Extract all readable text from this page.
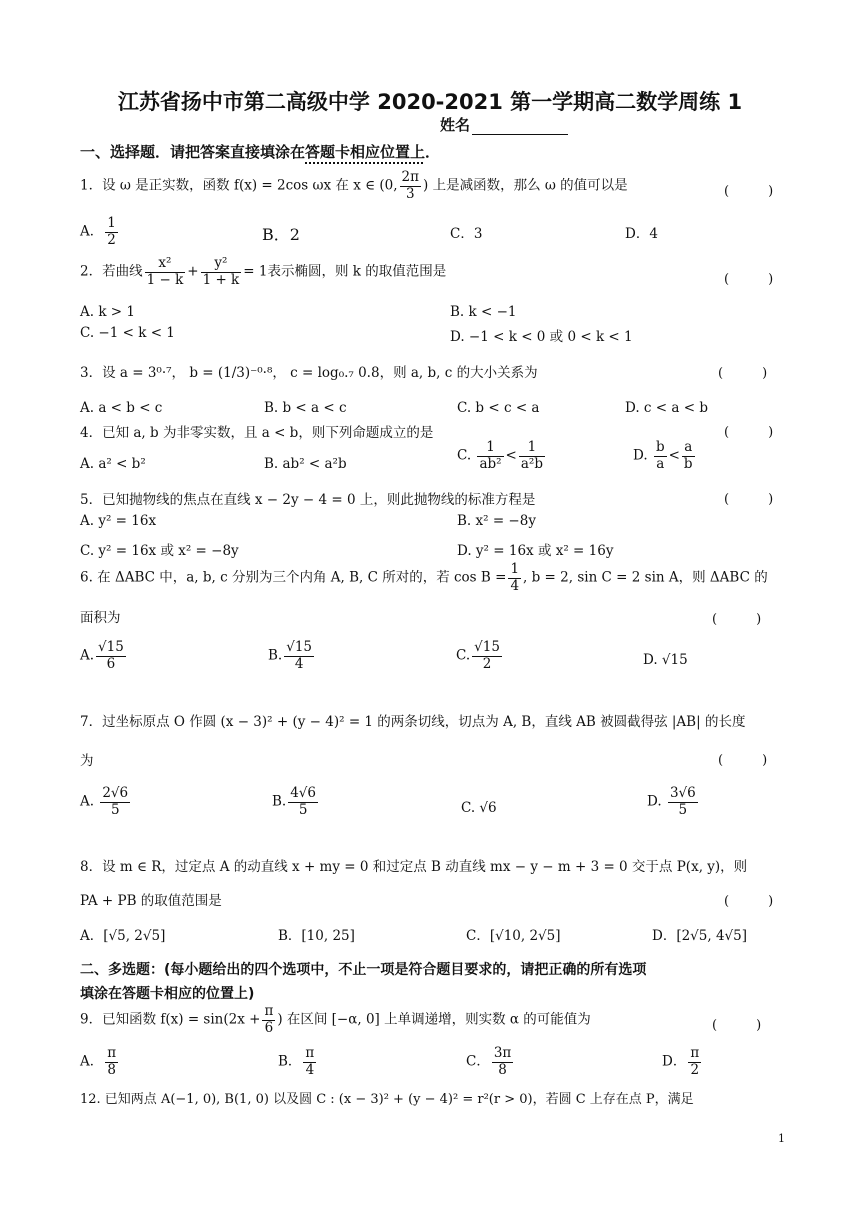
江苏省扬中市第二高级中学 2020-2021 第一学期高二数学周练 1
姓名
一、选择题．请把答案直接填涂在答题卡相应位置上．
1．设 ω 是正实数，函数 f(x) = 2cos ωx 在 x ∈ (0, $\frac{2\pi}{3}$ ) 上是减函数，那么 ω 的值可以是	(　　　)
A． $\frac{1}{2}$	B．2	C．3	D．4
2．若曲线 $\frac{\text{x²}}{1 - k} + \frac{\text{y²}}{1 + k} = 1$表示椭圆，则 k 的取值范围是	(　　　)
A. k > 1	B. k < −1
C. −1 < k < 1	D. −1 < k < 0 或 0 < k < 1
3．设 a = 3⁰·⁷， b = (1/3)⁻⁰·⁸， c = log₀.₇ 0.8，则 a, b, c 的大小关系为	(　　　)
A. a < b < c	B. b < a < c	C. b < c < a	D. c < a < b
4．已知 a, b 为非零实数，且 a < b，则下列命题成立的是	(　　　)
A. a² < b²	B. ab² < a²b
C. $\frac{1}{\text{ab²}} < \frac{1}{\text{a²b}}$	D. $\frac{b}{a} < \frac{a}{b}$
5．已知抛物线的焦点在直线 x − 2y − 4 = 0 上，则此抛物线的标准方程是	(　　　)
A. y² = 16x	B. x² = −8y
C. y² = 16x 或 x² = −8y	D. y² = 16x 或 x² = 16y
6. 在 ΔABC 中，a, b, c 分别为三个内角 A, B, C 所对的，若 $\cos B = \frac{1}{4}$ , b = 2, sin C = 2 sin A，则 ΔABC 的
面积为	(　　　)
A. $\frac{√15}{6}$	B. $\frac{√15}{4}$	C. $\frac{√15}{2}$	D. √15
7．过坐标原点 O 作圆 (x − 3)² + (y − 4)² = 1 的两条切线，切点为 A, B，直线 AB 被圆截得弦 |AB| 的长度
为	(　　　)
A. $\frac{2√6}{5}$	B. $\frac{4√6}{5}$	C. √6	D. $\frac{3√6}{5}$
8．设 m ∈ R，过定点 A 的动直线 x + my = 0 和过定点 B 动直线 mx − y − m + 3 = 0 交于点 P(x, y)，则
PA + PB 的取值范围是	(　　　)
A．[√5, 2√5]	B．[10, 25]	C．[√10, 2√5]	D．[2√5, 4√5]
二、多选题：(每小题给出的四个选项中，不止一项是符合题目要求的，请把正确的所有选项
填涂在答题卡相应的位置上)
9．已知函数 $f(x) = \sin(2x + \frac{\pi}{6}$ ) 在区间 [−α, 0] 上单调递增，则实数 α 的可能值为	(　　　)
A． $\frac{\pi}{8}$	B． $\frac{\pi}{4}$	C． $\frac{3\pi}{8}$	D． $\frac{\pi}{2}$
12. 已知两点 A(−1, 0), B(1, 0) 以及圆 C : (x − 3)² + (y − 4)² = r²(r > 0)，若圆 C 上存在点 P，满足
1
